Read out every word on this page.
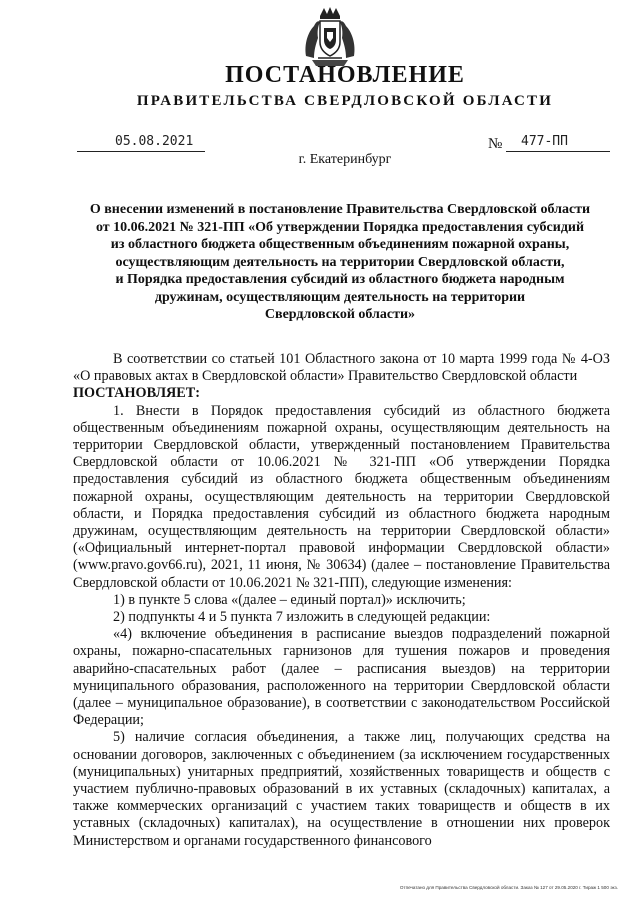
ПОСТАНОВЛЕНИЕ
ПРАВИТЕЛЬСТВА СВЕРДЛОВСКОЙ ОБЛАСТИ
05.08.2021	№ 477-ПП
г. Екатеринбург
О внесении изменений в постановление Правительства Свердловской области
от 10.06.2021 № 321-ПП «Об утверждении Порядка предоставления субсидий
из областного бюджета общественным объединениям пожарной охраны,
осуществляющим деятельность на территории Свердловской области,
и Порядка предоставления субсидий из областного бюджета народным
дружинам, осуществляющим деятельность на территории
Свердловской области»

В соответствии со статьей 101 Областного закона от 10 марта 1999 года № 4-ОЗ «О правовых актах в Свердловской области» Правительство Свердловской области

ПОСТАНОВЛЯЕТ:

1. Внести в Порядок предоставления субсидий из областного бюджета общественным объединениям пожарной охраны, осуществляющим деятельность на территории Свердловской области, утвержденный постановлением Правительства Свердловской области от 10.06.2021 № 321-ПП «Об утверждении Порядка предоставления субсидий из областного бюджета общественным объединениям пожарной охраны, осуществляющим деятельность на территории Свердловской области, и Порядка предоставления субсидий из областного бюджета народным дружинам, осуществляющим деятельность на территории Свердловской области» («Официальный интернет-портал правовой информации Свердловской области» (www.pravo.gov66.ru), 2021, 11 июня, № 30634) (далее – постановление Правительства Свердловской области от 10.06.2021 № 321-ПП), следующие изменения:

1) в пункте 5 слова «(далее – единый портал)» исключить;

2) подпункты 4 и 5 пункта 7 изложить в следующей редакции:

«4) включение объединения в расписание выездов подразделений пожарной охраны, пожарно-спасательных гарнизонов для тушения пожаров и проведения аварийно-спасательных работ (далее – расписания выездов) на территории муниципального образования, расположенного на территории Свердловской области (далее – муниципальное образование), в соответствии с законодательством Российской Федерации;

5) наличие согласия объединения, а также лиц, получающих средства на основании договоров, заключенных с объединением (за исключением государственных (муниципальных) унитарных предприятий, хозяйственных товариществ и обществ с участием публично-правовых образований в их уставных (складочных) капиталах, а также коммерческих организаций с участием таких товариществ и обществ в их уставных (складочных) капиталах), на осуществление в отношении них проверок Министерством и органами государственного финансового

Отпечатано для Правительства Свердловской области. Заказ № 127 от 29.05.2020 г. Тираж 1 500 экз.
